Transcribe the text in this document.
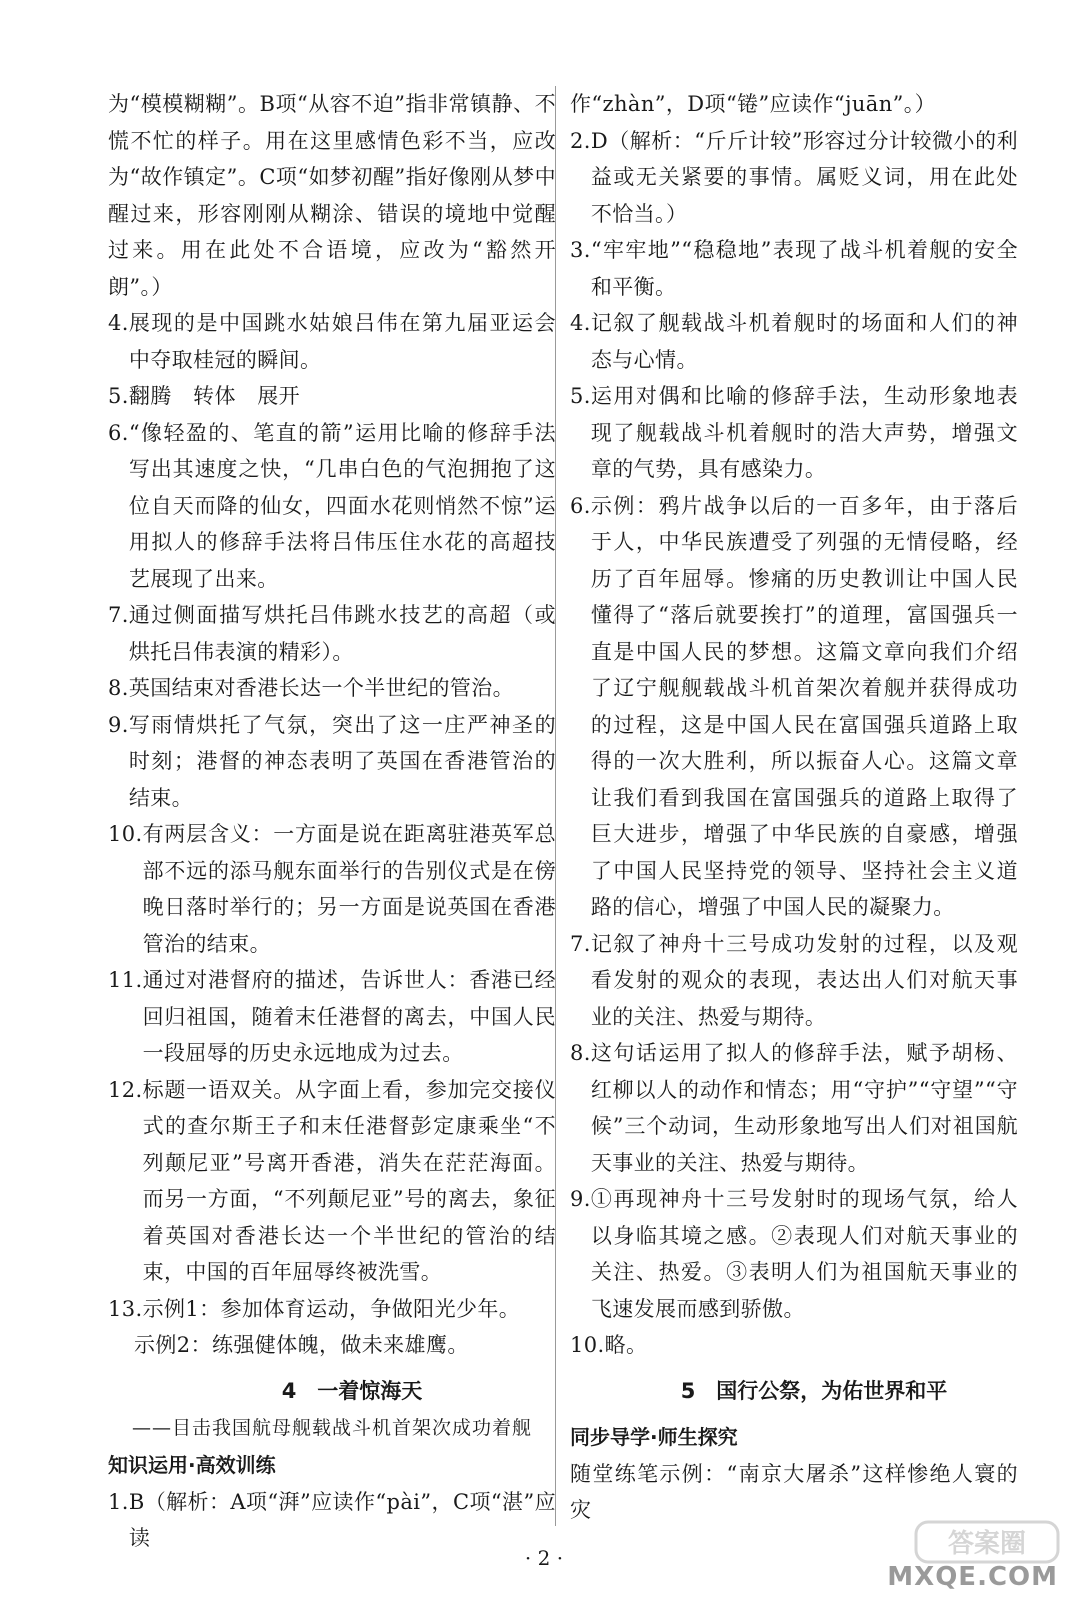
为“模模糊糊”。B项“从容不迫”指非常镇静、不慌不忙的样子。用在这里感情色彩不当，应改为“故作镇定”。C项“如梦初醒”指好像刚从梦中醒过来，形容刚刚从糊涂、错误的境地中觉醒过来。用在此处不合语境，应改为“豁然开朗”。）

4. 展现的是中国跳水姑娘吕伟在第九届亚运会中夺取桂冠的瞬间。
5. 翻腾　转体　展开
6. “像轻盈的、笔直的箭”运用比喻的修辞手法写出其速度之快，“几串白色的气泡拥抱了这位自天而降的仙女，四面水花则悄然不惊”运用拟人的修辞手法将吕伟压住水花的高超技艺展现了出来。
7. 通过侧面描写烘托吕伟跳水技艺的高超（或烘托吕伟表演的精彩）。
8. 英国结束对香港长达一个半世纪的管治。
9. 写雨情烘托了气氛，突出了这一庄严神圣的时刻；港督的神态表明了英国在香港管治的结束。
10. 有两层含义：一方面是说在距离驻港英军总部不远的添马舰东面举行的告别仪式是在傍晚日落时举行的；另一方面是说英国在香港管治的结束。
11. 通过对港督府的描述，告诉世人：香港已经回归祖国，随着末任港督的离去，中国人民一段屈辱的历史永远地成为过去。
12. 标题一语双关。从字面上看，参加完交接仪式的查尔斯王子和末任港督彭定康乘坐“不列颠尼亚”号离开香港，消失在茫茫海面。而另一方面，“不列颠尼亚”号的离去，象征着英国对香港长达一个半世纪的管治的结束，中国的百年屈辱终被洗雪。
13. 示例1：参加体育运动，争做阳光少年。

示例2：练强健体魄，做未来雄鹰。

4　一着惊海天

——目击我国航母舰载战斗机首架次成功着舰

知识运用·高效训练

1. B（解析：A项“湃”应读作“pài”，C项“湛”应读

作“zhàn”，D项“锩”应读作“juān”。）

2. D（解析：“斤斤计较”形容过分计较微小的利益或无关紧要的事情。属贬义词，用在此处不恰当。）
3. “牢牢地”“稳稳地”表现了战斗机着舰的安全和平衡。
4. 记叙了舰载战斗机着舰时的场面和人们的神态与心情。
5. 运用对偶和比喻的修辞手法，生动形象地表现了舰载战斗机着舰时的浩大声势，增强文章的气势，具有感染力。
6. 示例：鸦片战争以后的一百多年，由于落后于人，中华民族遭受了列强的无情侵略，经历了百年屈辱。惨痛的历史教训让中国人民懂得了“落后就要挨打”的道理，富国强兵一直是中国人民的梦想。这篇文章向我们介绍了辽宁舰舰载战斗机首架次着舰并获得成功的过程，这是中国人民在富国强兵道路上取得的一次大胜利，所以振奋人心。这篇文章让我们看到我国在富国强兵的道路上取得了巨大进步，增强了中华民族的自豪感，增强了中国人民坚持党的领导、坚持社会主义道路的信心，增强了中国人民的凝聚力。
7. 记叙了神舟十三号成功发射的过程，以及观看发射的观众的表现，表达出人们对航天事业的关注、热爱与期待。
8. 这句话运用了拟人的修辞手法，赋予胡杨、红柳以人的动作和情态；用“守护”“守望”“守候”三个动词，生动形象地写出人们对祖国航天事业的关注、热爱与期待。
9. ①再现神舟十三号发射时的现场气氛，给人以身临其境之感。②表现人们对航天事业的关注、热爱。③表明人们为祖国航天事业的飞速发展而感到骄傲。
10. 略。

5　国行公祭，为佑世界和平

同步导学·师生探究

随堂练笔示例：“南京大屠杀”这样惨绝人寰的灾

· 2 ·	答案圈
MXQE.COM
